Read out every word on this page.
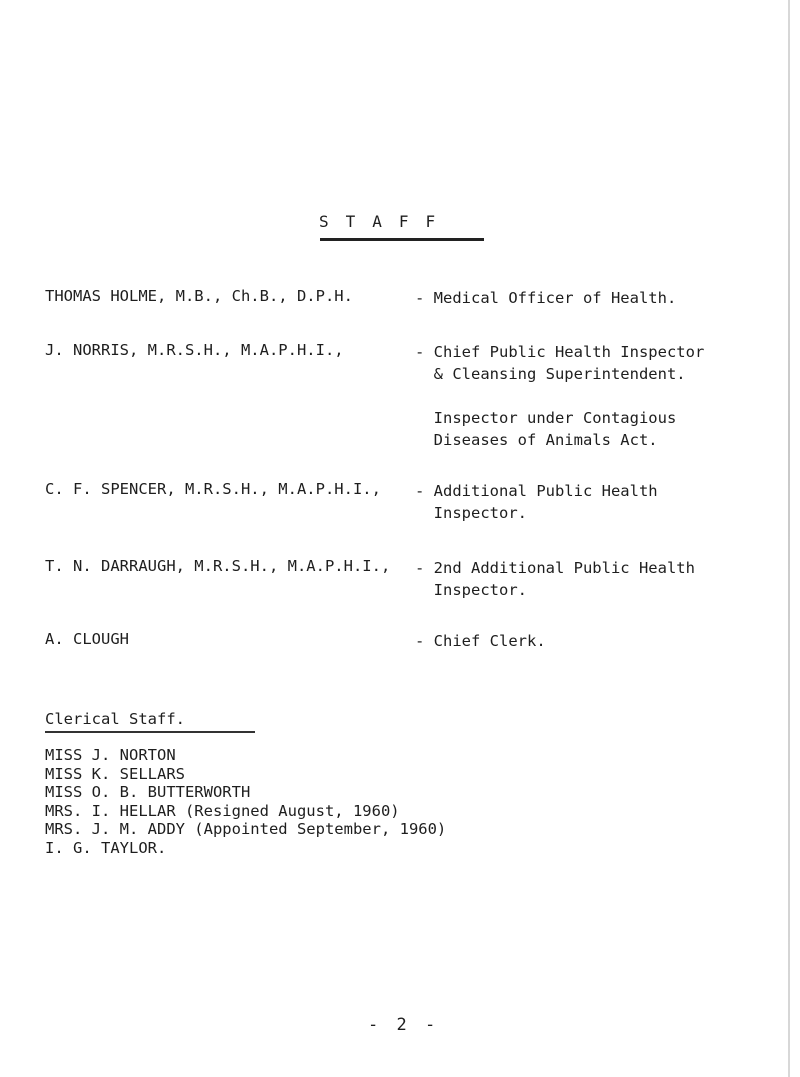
STAFF
THOMAS HOLME, M.B., Ch.B., D.P.H.	- Medical Officer of Health.
J. NORRIS, M.R.S.H., M.A.P.H.I.,	- Chief Public Health Inspector
& Cleansing Superintendent.
Inspector under Contagious
Diseases of Animals Act.
C. F. SPENCER, M.R.S.H., M.A.P.H.I., - Additional Public Health
Inspector.
T. N. DARRAUGH, M.R.S.H., M.A.P.H.I., - 2nd Additional Public Health
Inspector.
A. CLOUGH	- Chief Clerk.
Clerical Staff.
MISS J. NORTON
MISS K. SELLARS
MISS O. B. BUTTERWORTH
MRS. I. HELLAR (Resigned August, 1960)
MRS. J. M. ADDY (Appointed September, 1960)
I. G. TAYLOR.
- 2 -
